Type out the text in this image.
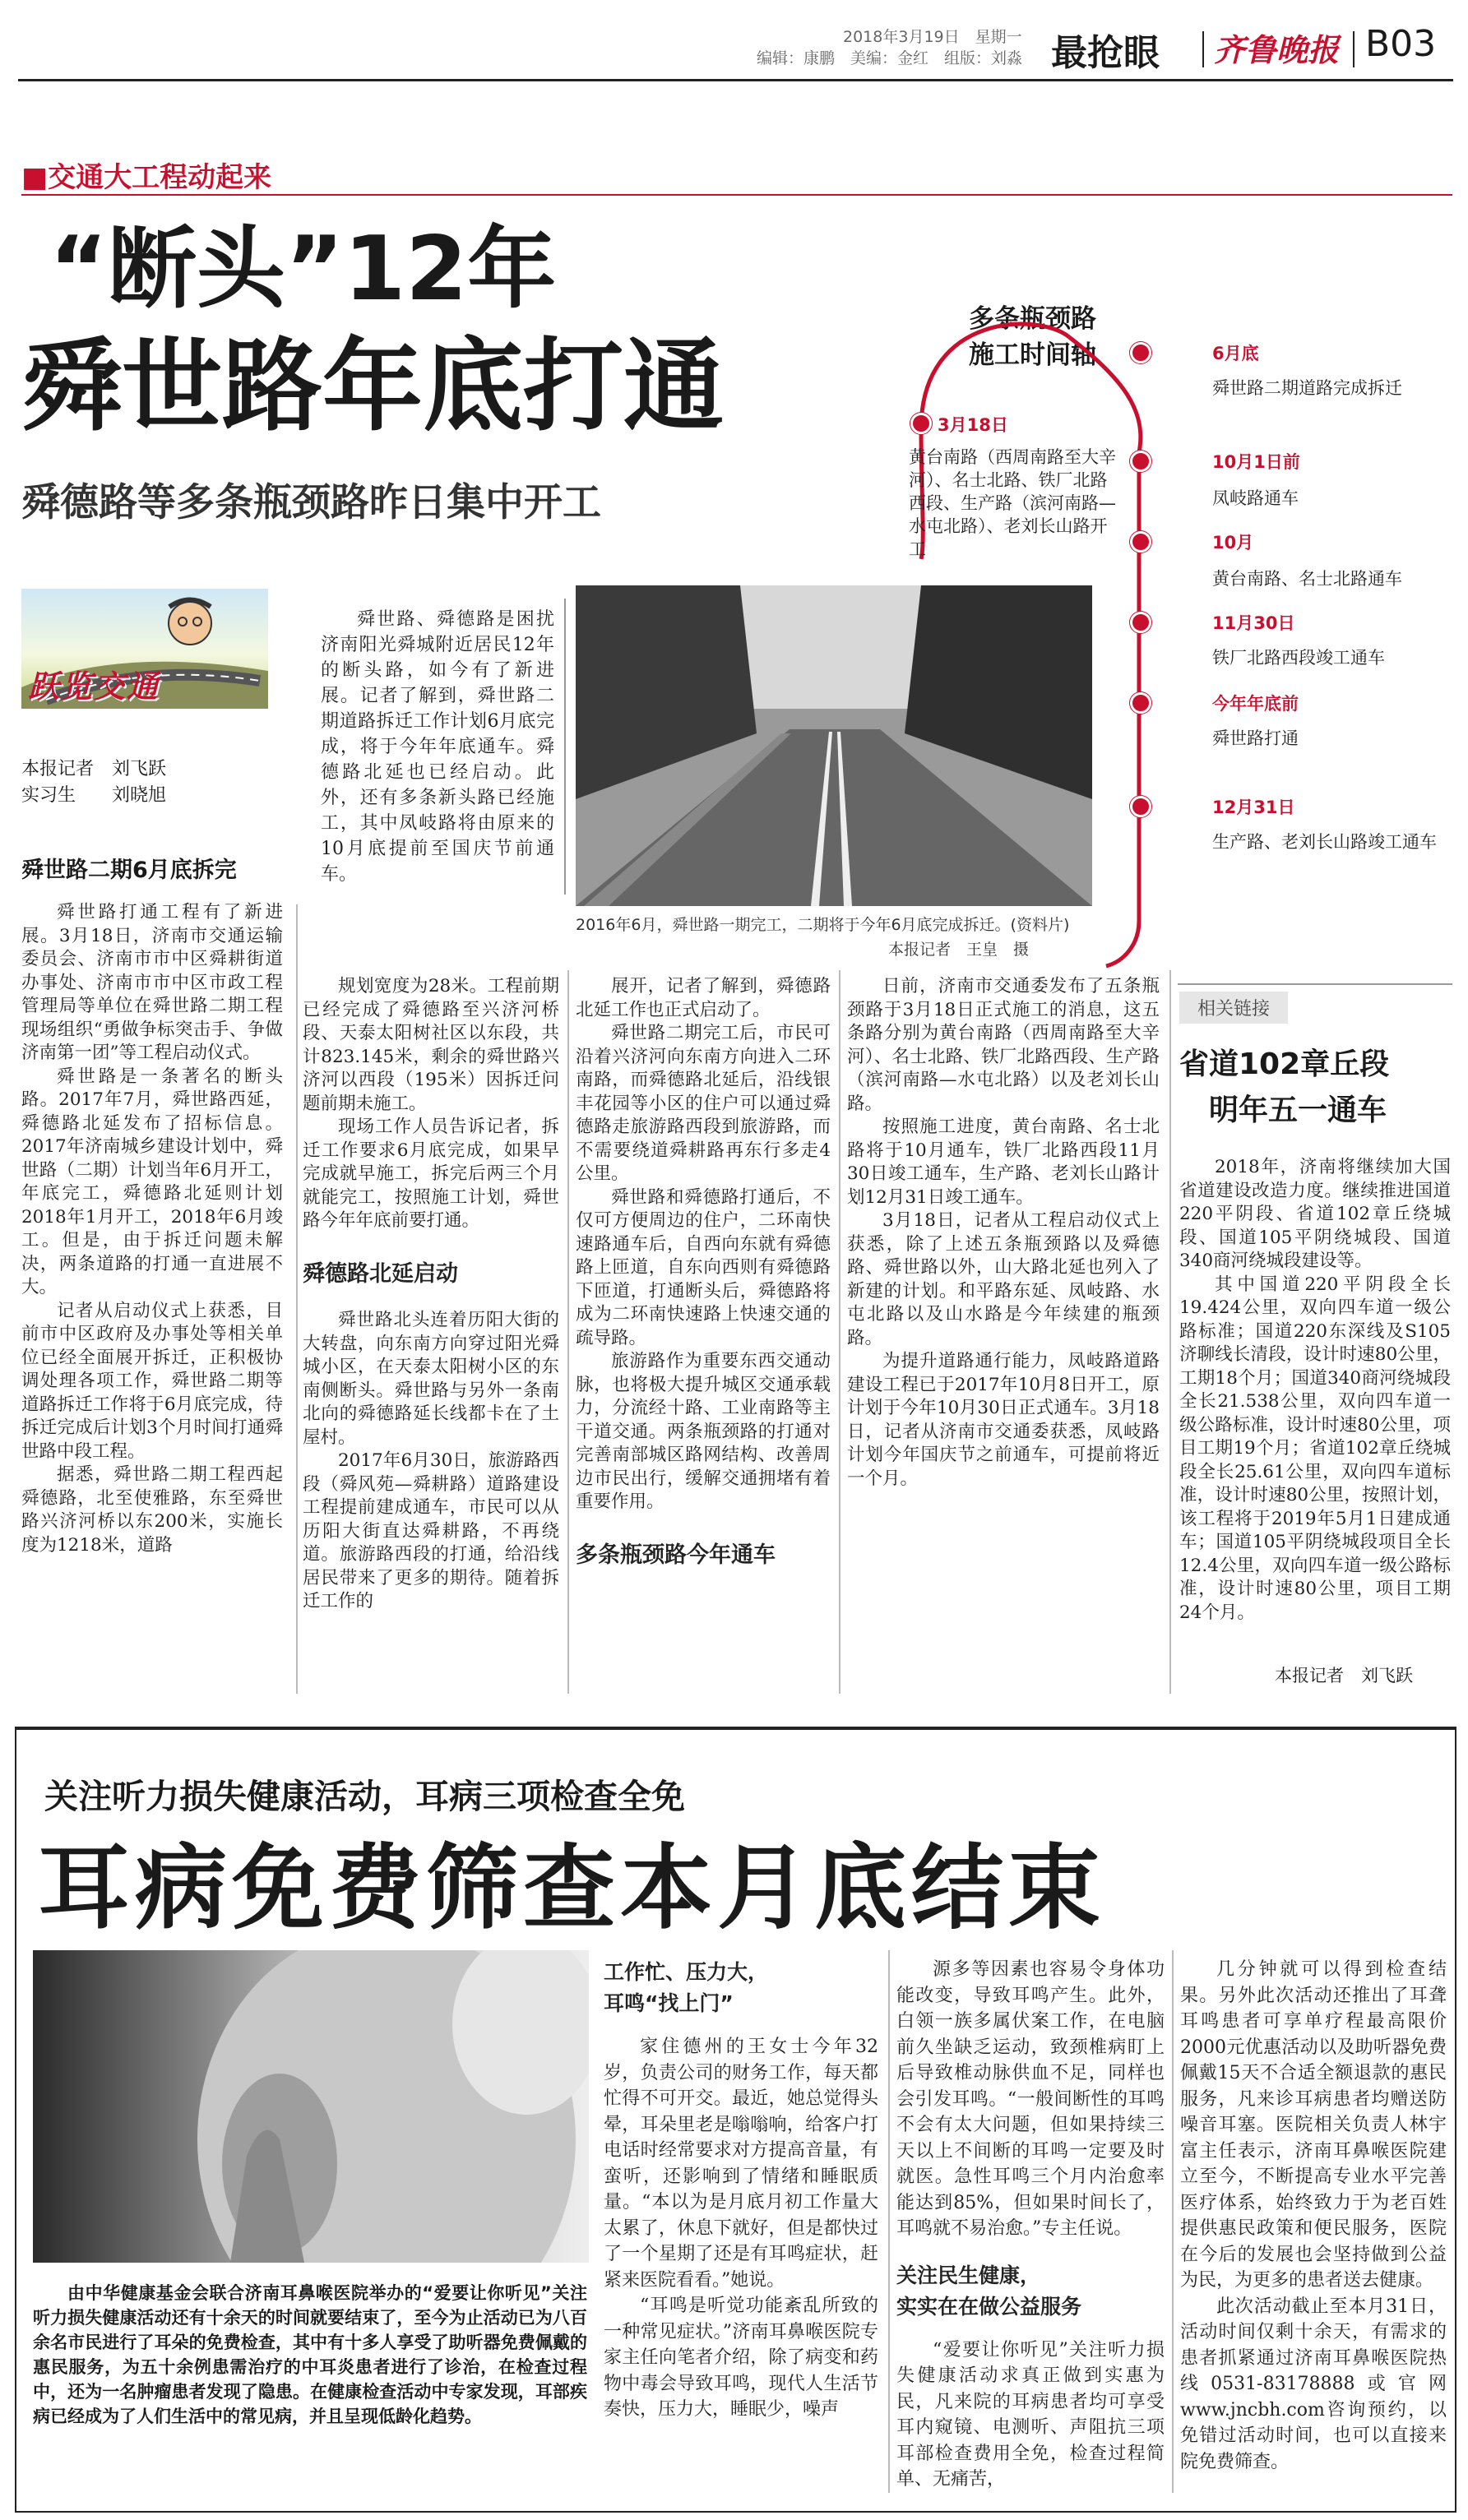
2018年3月19日　星期一
编辑：康鹏　美编：金红　组版：刘淼 最抢眼 齐鲁晚报 B03
■交通大工程动起来
“断头”12年
舜世路年底打通
舜德路等多条瓶颈路昨日集中开工
跃览交通
本报记者　 刘飞跃
实习生　　 刘晓旭
舜世路二期6月底拆完

舜世路、舜德路是困扰济南阳光舜城附近居民12年的断头路，如今有了新进展。记者了解到，舜世路二期道路拆迁工作计划6月底完成，将于今年年底通车。舜德路北延也已经启动。此外，还有多条新头路已经施工，其中凤岐路将由原来的10月底提前至国庆节前通车。

2016年6月，舜世路一期完工，二期将于今年6月底完成拆迁。(资料片)
本报记者　 王皇　摄

舜世路打通工程有了新进展。3月18日，济南市交通运输委员会、济南市市中区舜耕街道办事处、济南市市中区市政工程管理局等单位在舜世路二期工程现场组织“勇做争标突击手、争做济南第一团”等工程启动仪式。

舜世路是一条著名的断头路。2017年7月，舜世路西延，舜德路北延发布了招标信息。2017年济南城乡建设计划中，舜世路（二期）计划当年6月开工，年底完工，舜德路北延则计划2018年1月开工，2018年6月竣工。但是，由于拆迁问题未解决，两条道路的打通一直进展不大。

记者从启动仪式上获悉，目前市中区政府及办事处等相关单位已经全面展开拆迁，正积极协调处理各项工作，舜世路二期等道路拆迁工作将于6月底完成，待拆迁完成后计划3个月时间打通舜世路中段工程。

据悉，舜世路二期工程西起舜德路，北至使雅路，东至舜世路兴济河桥以东200米，实施长度为1218米，道路

规划宽度为28米。工程前期已经完成了舜德路至兴济河桥段、天泰太阳树社区以东段，共计823.145米，剩余的舜世路兴济河以西段（195米）因拆迁问题前期未施工。

现场工作人员告诉记者，拆迁工作要求6月底完成，如果早完成就早施工，拆完后两三个月就能完工，按照施工计划，舜世路今年年底前要打通。

舜德路北延启动

舜世路北头连着历阳大街的大转盘，向东南方向穿过阳光舜城小区，在天泰太阳树小区的东南侧断头。舜世路与另外一条南北向的舜德路延长线都卡在了土屋村。

2017年6月30日，旅游路西段（舜风苑—舜耕路）道路建设工程提前建成通车，市民可以从历阳大街直达舜耕路，不再绕道。旅游路西段的打通，给沿线居民带来了更多的期待。随着拆迁工作的

展开，记者了解到，舜德路北延工作也正式启动了。

舜世路二期完工后，市民可沿着兴济河向东南方向进入二环南路，而舜德路北延后，沿线银丰花园等小区的住户可以通过舜德路走旅游路西段到旅游路，而不需要绕道舜耕路再东行多走4公里。

舜世路和舜德路打通后，不仅可方便周边的住户，二环南快速路通车后，自西向东就有舜德路上匝道，自东向西则有舜德路下匝道，打通断头后，舜德路将成为二环南快速路上快速交通的疏导路。

旅游路作为重要东西交通动脉，也将极大提升城区交通承载力，分流经十路、工业南路等主干道交通。两条瓶颈路的打通对完善南部城区路网结构、改善周边市民出行，缓解交通拥堵有着重要作用。

多条瓶颈路今年通车

日前，济南市交通委发布了五条瓶颈路于3月18日正式施工的消息，这五条路分别为黄台南路（西周南路至大辛河）、名士北路、铁厂北路西段、生产路（滨河南路—水屯北路）以及老刘长山路。

按照施工进度，黄台南路、名士北路将于10月通车，铁厂北路西段11月30日竣工通车，生产路、老刘长山路计划12月31日竣工通车。

3月18日，记者从工程启动仪式上获悉，除了上述五条瓶颈路以及舜德路、舜世路以外，山大路北延也列入了新建的计划。和平路东延、凤岐路、水屯北路以及山水路是今年续建的瓶颈路。

为提升道路通行能力，凤岐路道路建设工程已于2017年10月8日开工，原计划于今年10月30日正式通车。3月18日，记者从济南市交通委获悉，凤岐路计划今年国庆节之前通车，可提前将近一个月。

多条瓶颈路
施工时间轴
3月18日
黄台南路（西周南路至大辛河）、名士北路、铁厂北路西段、生产路（滨河南路—水屯北路）、老刘长山路开工
6月底
舜世路二期道路完成拆迁
10月1日前
凤岐路通车
10月
黄台南路、名士北路通车
11月30日
铁厂北路西段竣工通车
今年年底前
舜世路打通
12月31日
生产路、老刘长山路竣工通车
相关链接
省道102章丘段
明年五一通车

2018年，济南将继续加大国省道建设改造力度。继续推进国道220平阴段、省道102章丘绕城段、国道105平阴绕城段、国道340商河绕城段建设等。

其中国道220平阴段全长19.424公里，双向四车道一级公路标准；国道220东深线及S105济聊线长清段，设计时速80公里，工期18个月；国道340商河绕城段全长21.538公里，双向四车道一级公路标准，设计时速80公里，项目工期19个月；省道102章丘绕城段全长25.61公里，双向四车道标准，设计时速80公里，按照计划，该工程将于2019年5月1日建成通车；国道105平阴绕城段项目全长12.4公里，双向四车道一级公路标准，设计时速80公里，项目工期24个月。

本报记者　 刘飞跃
关注听力损失健康活动，耳病三项检查全免
耳病免费筛查本月底结束
由中华健康基金会联合济南耳鼻喉医院举办的“爱要让你听见”关注听力损失健康活动还有十余天的时间就要结束了，至今为止活动已为八百余名市民进行了耳朵的免费检查，其中有十多人享受了助听器免费佩戴的惠民服务，为五十余例患需治疗的中耳炎患者进行了诊治，在检查过程中，还为一名肿瘤患者发现了隐患。在健康检查活动中专家发现，耳部疾病已经成为了人们生活中的常见病，并且呈现低龄化趋势。
工作忙、压力大，
耳鸣“找上门”

家住德州的王女士今年32岁，负责公司的财务工作，每天都忙得不可开交。最近，她总觉得头晕，耳朵里老是嗡嗡响，给客户打电话时经常要求对方提高音量，有蛮听，还影响到了情绪和睡眠质量。“本以为是月底月初工作量大太累了，休息下就好，但是都快过了一个星期了还是有耳鸣症状，赶紧来医院看看。”她说。

“耳鸣是听觉功能紊乱所致的一种常见症状。”济南耳鼻喉医院专家主任向笔者介绍，除了病变和药物中毒会导致耳鸣，现代人生活节奏快，压力大，睡眠少，噪声

源多等因素也容易令身体功能改变，导致耳鸣产生。此外，白领一族多属伏案工作，在电脑前久坐缺乏运动，致颈椎病盯上后导致椎动脉供血不足，同样也会引发耳鸣。“一般间断性的耳鸣不会有太大问题，但如果持续三天以上不间断的耳鸣一定要及时就医。急性耳鸣三个月内治愈率能达到85%，但如果时间长了，耳鸣就不易治愈。”专主任说。

关注民生健康，
实实在在做公益服务

“爱要让你听见”关注听力损失健康活动求真正做到实惠为民，凡来院的耳病患者均可享受耳内窥镜、电测听、声阻抗三项耳部检查费用全免，检查过程简单、无痛苦，

几分钟就可以得到检查结果。另外此次活动还推出了耳聋耳鸣患者可享单疗程最高限价2000元优惠活动以及助听器免费佩戴15天不合适全额退款的惠民服务，凡来诊耳病患者均赠送防噪音耳塞。医院相关负责人林宇富主任表示，济南耳鼻喉医院建立至今，不断提高专业水平完善医疗体系，始终致力于为老百姓提供惠民政策和便民服务，医院在今后的发展也会坚持做到公益为民，为更多的患者送去健康。

此次活动截止至本月31日，活动时间仅剩十余天，有需求的患者抓紧通过济南耳鼻喉医院热线0531-83178888或官网www.jncbh.com咨询预约，以免错过活动时间，也可以直接来院免费筛查。
